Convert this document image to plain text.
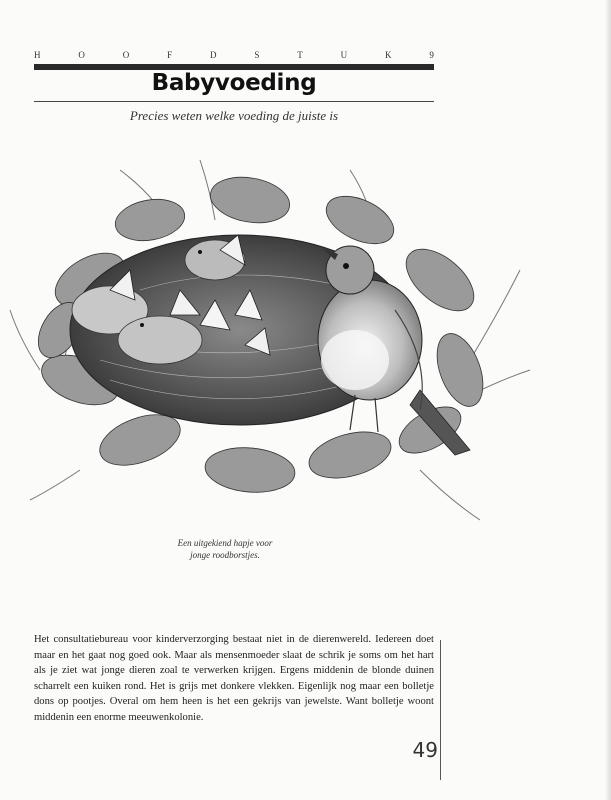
H	O	O	F	D	S	T	U	K	9
Babyvoeding
Precies weten welke voeding de juiste is
Een uitgekiend hapje voor
jonge roodborstjes.
Het consultatiebureau voor kinderverzorging bestaat niet in de dierenwereld. Iedereen doet maar en het gaat nog goed ook. Maar als mensenmoeder slaat de schrik je soms om het hart als je ziet wat jonge dieren zoal te verwerken krijgen. Ergens middenin de blonde duinen scharrelt een kuiken rond. Het is grijs met donkere vlekken. Eigenlijk nog maar een bolletje dons op pootjes. Overal om hem heen is het een gekrijs van jewelste. Want bolletje woont middenin een enorme meeuwenkolonie.
49
